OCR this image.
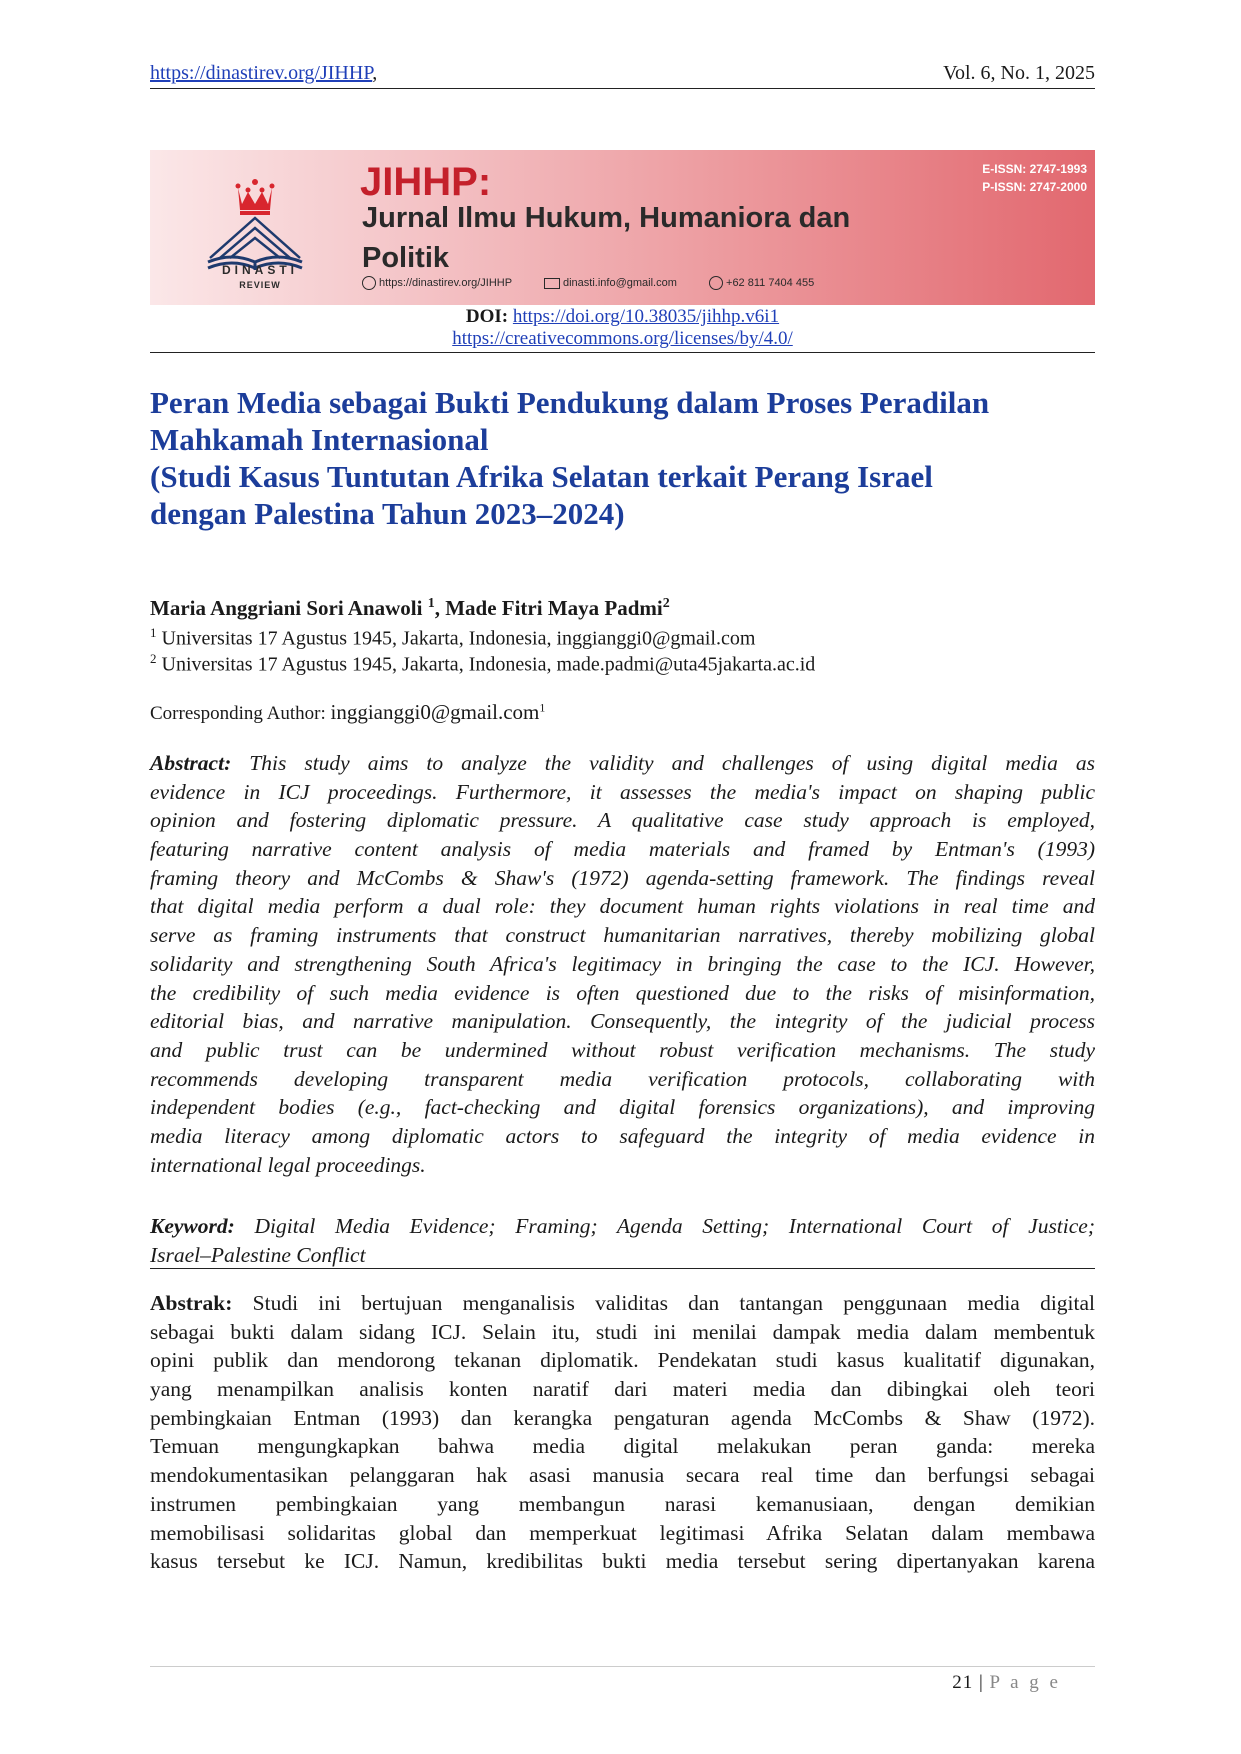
https://dinastirev.org/JIHHP,	Vol. 6, No. 1, 2025
DINASTI
REVIEW
JIHHP:
Jurnal Ilmu Hukum, Humaniora dan Politik
E-ISSN: 2747-1993
P-ISSN: 2747-2000
https://dinastirev.org/JIHHP	dinasti.info@gmail.com	+62 811 7404 455
DOI: https://doi.org/10.38035/jihhp.v6i1
https://creativecommons.org/licenses/by/4.0/
Peran Media sebagai Bukti Pendukung dalam Proses Peradilan
Mahkamah Internasional
(Studi Kasus Tuntutan Afrika Selatan terkait Perang Israel
dengan Palestina Tahun 2023–2024)
Maria Anggriani Sori Anawoli $^1$, Made Fitri Maya Padmi$^2$
$^1$ Universitas 17 Agustus 1945, Jakarta, Indonesia, inggianggi0@gmail.com
$^2$ Universitas 17 Agustus 1945, Jakarta, Indonesia, made.padmi@uta45jakarta.ac.id
Corresponding Author: inggianggi0@gmail.com$^1$
Abstract: This study aims to analyze the validity and challenges of using digital media as
evidence in ICJ proceedings. Furthermore, it assesses the media's impact on shaping public
opinion and fostering diplomatic pressure. A qualitative case study approach is employed,
featuring narrative content analysis of media materials and framed by Entman's (1993)
framing theory and McCombs & Shaw's (1972) agenda-setting framework. The findings reveal
that digital media perform a dual role: they document human rights violations in real time and
serve as framing instruments that construct humanitarian narratives, thereby mobilizing global
solidarity and strengthening South Africa's legitimacy in bringing the case to the ICJ. However,
the credibility of such media evidence is often questioned due to the risks of misinformation,
editorial bias, and narrative manipulation. Consequently, the integrity of the judicial process
and public trust can be undermined without robust verification mechanisms. The study
recommends developing transparent media verification protocols, collaborating with
independent bodies (e.g., fact-checking and digital forensics organizations), and improving
media literacy among diplomatic actors to safeguard the integrity of media evidence in
international legal proceedings.
Keyword: Digital Media Evidence; Framing; Agenda Setting; International Court of Justice;
Israel–Palestine Conflict
Abstrak: Studi ini bertujuan menganalisis validitas dan tantangan penggunaan media digital
sebagai bukti dalam sidang ICJ. Selain itu, studi ini menilai dampak media dalam membentuk
opini publik dan mendorong tekanan diplomatik. Pendekatan studi kasus kualitatif digunakan,
yang menampilkan analisis konten naratif dari materi media dan dibingkai oleh teori
pembingkaian Entman (1993) dan kerangka pengaturan agenda McCombs & Shaw (1972).
Temuan mengungkapkan bahwa media digital melakukan peran ganda: mereka
mendokumentasikan pelanggaran hak asasi manusia secara real time dan berfungsi sebagai
instrumen pembingkaian yang membangun narasi kemanusiaan, dengan demikian
memobilisasi solidaritas global dan memperkuat legitimasi Afrika Selatan dalam membawa
kasus tersebut ke ICJ. Namun, kredibilitas bukti media tersebut sering dipertanyakan karena
21 | P a g e
